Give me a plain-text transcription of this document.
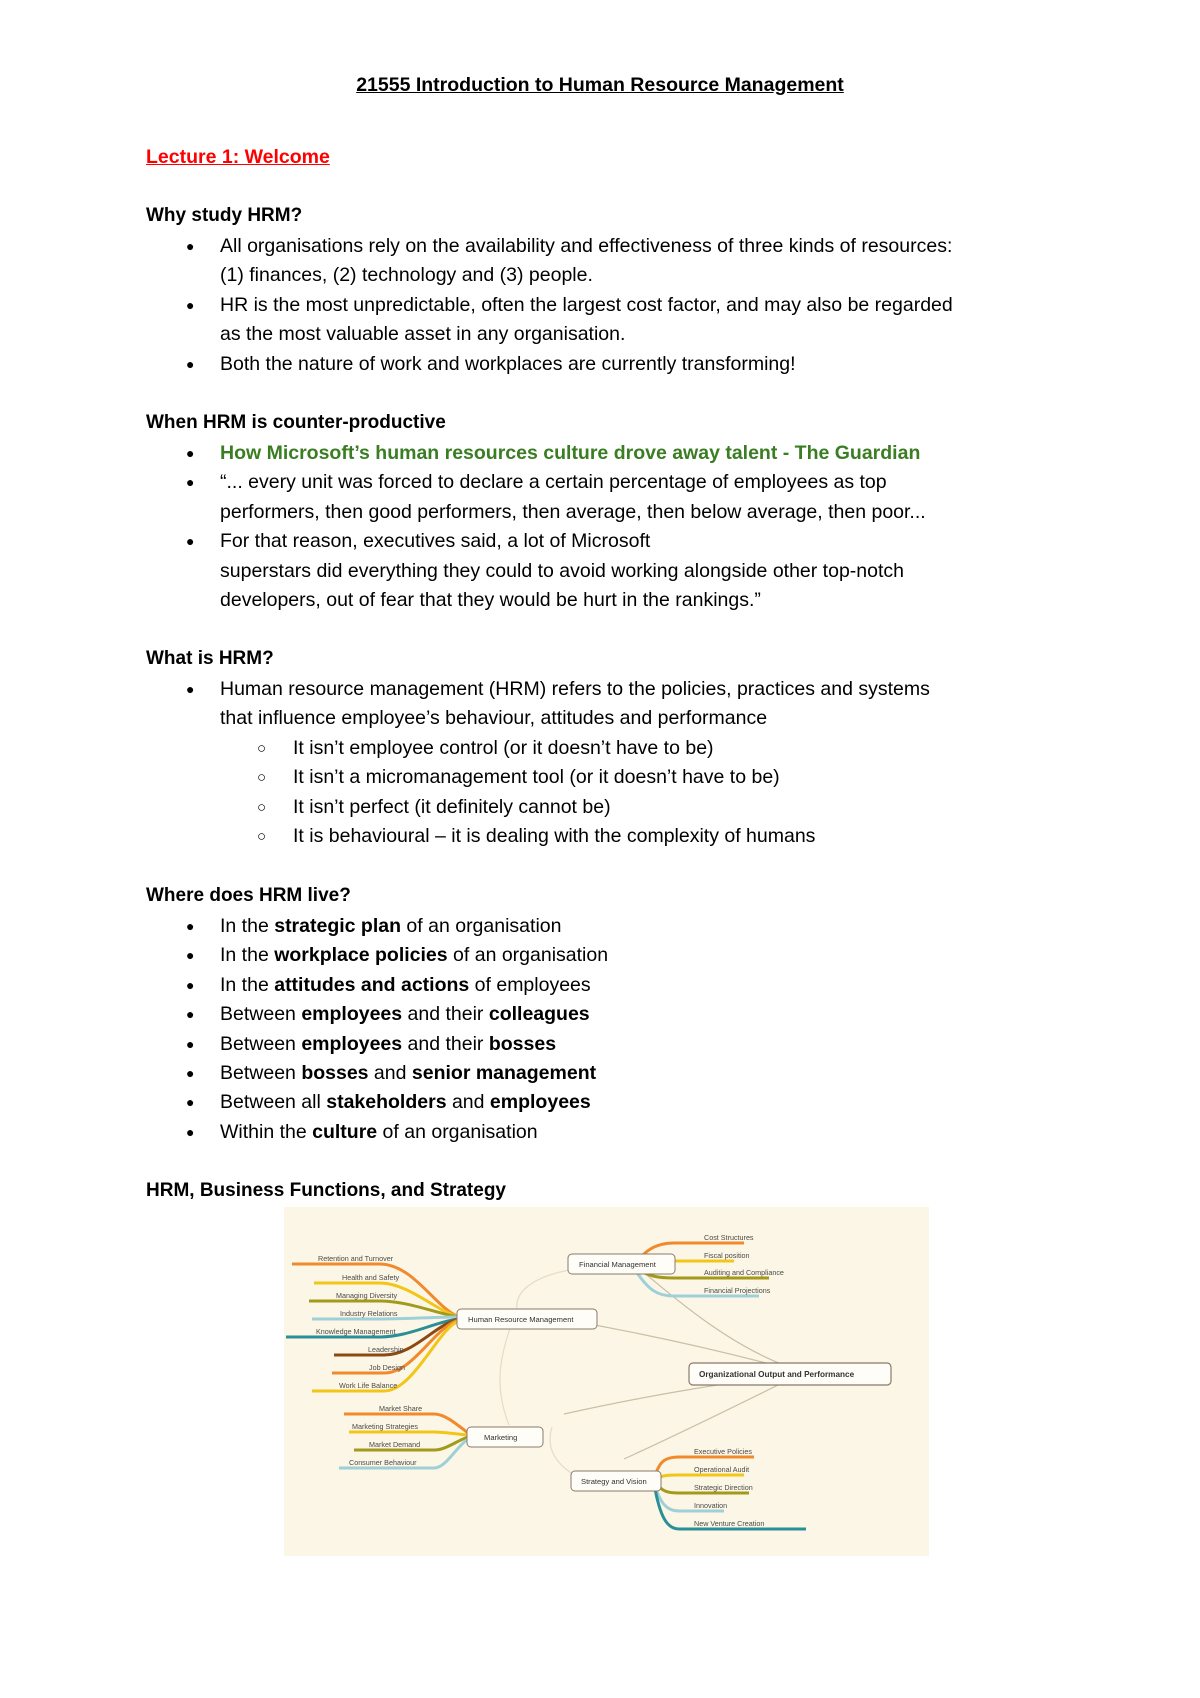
21555 Introduction to Human Resource Management
Lecture 1: Welcome
Why study HRM?
● All organisations rely on the availability and effectiveness of three kinds of resources:
(1) finances, (2) technology and (3) people.
● HR is the most unpredictable, often the largest cost factor, and may also be regarded
as the most valuable asset in any organisation.
● Both the nature of work and workplaces are currently transforming!
When HRM is counter-productive
● How Microsoft’s human resources culture drove away talent - The Guardian
● “... every unit was forced to declare a certain percentage of employees as top
performers, then good performers, then average, then below average, then poor...
● For that reason, executives said, a lot of Microsoft
superstars did everything they could to avoid working alongside other top-notch
developers, out of fear that they would be hurt in the rankings.”
What is HRM?
● Human resource management (HRM) refers to the policies, practices and systems
that influence employee’s behaviour, attitudes and performance
○ It isn’t employee control (or it doesn’t have to be)
○ It isn’t a micromanagement tool (or it doesn’t have to be)
○ It isn’t perfect (it definitely cannot be)
○ It is behavioural – it is dealing with the complexity of humans
Where does HRM live?
● In the strategic plan of an organisation
● In the workplace policies of an organisation
● In the attitudes and actions of employees
● Between employees and their colleagues
● Between employees and their bosses
● Between bosses and senior management
● Between all stakeholders and employees
● Within the culture of an organisation
HRM, Business Functions, and Strategy
Retention and Turnover
Health and Safety
Managing Diversity
Industry Relations
Knowledge Management
Leadership
Job Design
Work Life Balance
Cost Structures
Fiscal position
Auditing and Compliance
Financial Projections
Market Share
Marketing Strategies
Market Demand
Consumer Behaviour
Executive Policies
Operational Audit
Strategic Direction
Innovation
New Venture Creation
Financial Management
Human Resource Management
Marketing
Strategy and Vision
Organizational Output and Performance
